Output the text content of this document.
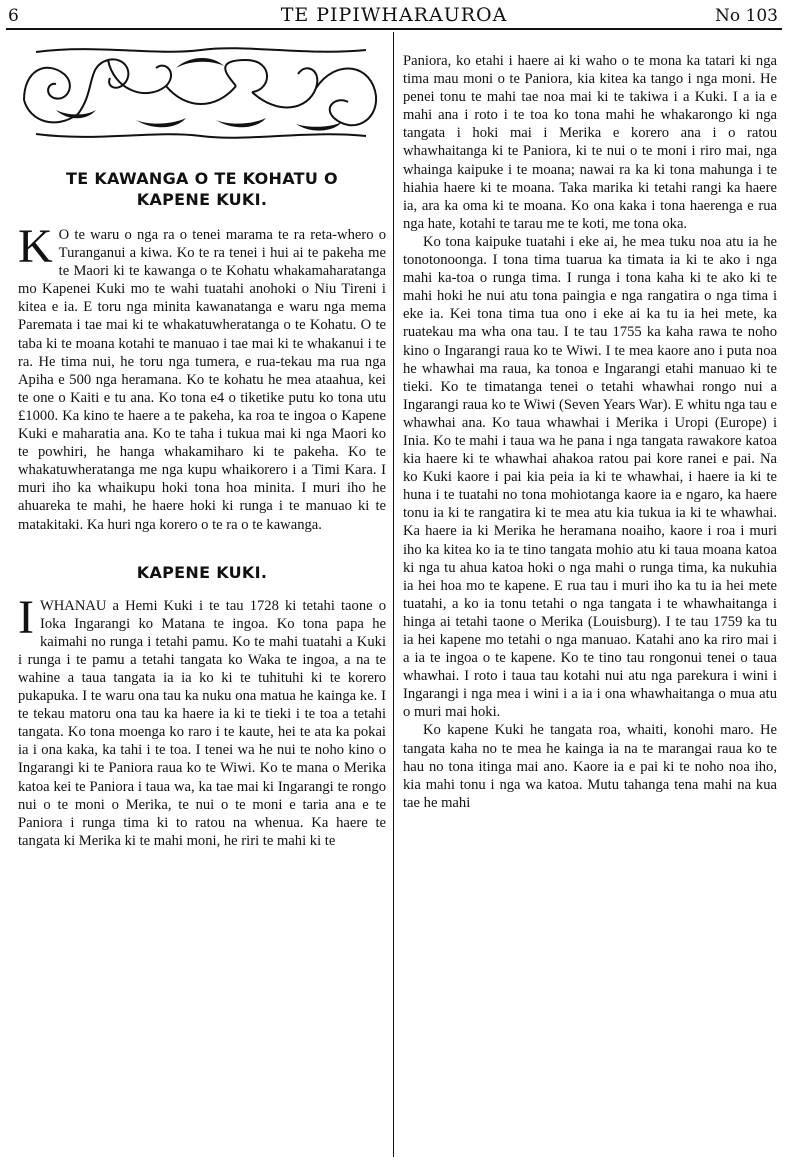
6	TE PIPIWHARAUROA	No 103
TE KAWANGA O TE KOHATU O KAPENE KUKI.

K O te waru o nga ra o tenei marama te ra reta-whero o Turanganui a kiwa. Ko te ra tenei i hui ai te pakeha me te Maori ki te kawanga o te Kohatu whakamaharatanga mo Kapenei Kuki mo te wahi tuatahi anohoki o Niu Tireni i kitea e ia. E toru nga minita kawanatanga e waru nga mema Paremata i tae mai ki te whakatuwheratanga o te Kohatu. O te taba ki te moana kotahi te manuao i tae mai ki te whakanui i te ra. He tima nui, he toru nga tumera, e rua-tekau ma rua nga Apiha e 500 nga heramana. Ko te kohatu he mea ataahua, kei te one o Kaiti e tu ana. Ko tona e4 o tiketike putu ko tona utu £1000. Ka kino te haere a te pakeha, ka roa te ingoa o Kapene Kuki e maharatia ana. Ko te taha i tukua mai ki nga Maori ko te powhiri, he hanga whakamiharo ki te pakeha. Ko te whakatuwheratanga me nga kupu whaikorero i a Timi Kara. I muri iho ka whaikupu hoki tona hoa minita. I muri iho he ahuareka te mahi, he haere hoki ki runga i te manuao ki te matakitaki. Ka huri nga korero o te ra o te kawanga.

KAPENE KUKI.

I WHANAU a Hemi Kuki i te tau 1728 ki tetahi taone o Ioka Ingarangi ko Matana te ingoa. Ko tona papa he kaimahi no runga i tetahi pamu. Ko te mahi tuatahi a Kuki i runga i te pamu a tetahi tangata ko Waka te ingoa, a na te wahine a taua tangata ia ia ko ki te tuhituhi ki te korero pukapuka. I te waru ona tau ka nuku ona matua he kainga ke. I te tekau matoru ona tau ka haere ia ki te tieki i te toa a tetahi tangata. Ko tona moenga ko raro i te kaute, hei te ata ka pokai ia i ona kaka, ka tahi i te toa. I tenei wa he nui te noho kino o Ingarangi ki te Paniora raua ko te Wiwi. Ko te mana o Merika katoa kei te Paniora i taua wa, ka tae mai ki Ingarangi te rongo nui o te moni o Merika, te nui o te moni e taria ana e te Paniora i runga tima ki to ratou na whenua. Ka haere te tangata ki Merika ki te mahi moni, he riri te mahi ki te

Paniora, ko etahi i haere ai ki waho o te mona ka tatari ki nga tima mau moni o te Paniora, kia kitea ka tango i nga moni. He penei tonu te mahi tae noa mai ki te takiwa i a Kuki. I a ia e mahi ana i roto i te toa ko tona mahi he whakarongo ki nga tangata i hoki mai i Merika e korero ana i o ratou whawhaitanga ki te Paniora, ki te nui o te moni i riro mai, nga whainga kaipuke i te moana; nawai ra ka ki tona mahunga i te hiahia haere ki te moana. Taka marika ki tetahi rangi ka haere ia, ara ka oma ki te moana. Ko ona kaka i tona haerenga e rua nga hate, kotahi te tarau me te koti, me tona oka.

Ko tona kaipuke tuatahi i eke ai, he mea tuku noa atu ia he tonotonoonga. I tona tima tuarua ka timata ia ki te ako i nga mahi ka-toa o runga tima. I runga i tona kaha ki te ako ki te mahi hoki he nui atu tona paingia e nga rangatira o nga tima i eke ia. Kei tona tima tua ono i eke ai ka tu ia hei mete, ka ruatekau ma wha ona tau. I te tau 1755 ka kaha rawa te noho kino o Ingarangi raua ko te Wiwi. I te mea kaore ano i puta noa he whawhai ma raua, ka tonoa e Ingarangi etahi manuao ki te tieki. Ko te timatanga tenei o tetahi whawhai rongo nui a Ingarangi raua ko te Wiwi (Seven Years War). E whitu nga tau e whawhai ana. Ko taua whawhai i Merika i Uropi (Europe) i Inia. Ko te mahi i taua wa he pana i nga tangata rawakore katoa kia haere ki te whawhai ahakoa ratou pai kore ranei e pai. Na ko Kuki kaore i pai kia peia ia ki te whawhai, i haere ia ki te huna i te tuatahi no tona mohiotanga kaore ia e ngaro, ka haere tonu ia ki te rangatira ki te mea atu kia tukua ia ki te whawhai. Ka haere ia ki Merika he heramana noaiho, kaore i roa i muri iho ka kitea ko ia te tino tangata mohio atu ki taua moana katoa ki nga tu ahua katoa hoki o nga mahi o runga tima, ka nukuhia ia hei hoa mo te kapene. E rua tau i muri iho ka tu ia hei mete tuatahi, a ko ia tonu tetahi o nga tangata i te whawhaitanga i hinga ai tetahi taone o Merika (Louisburg). I te tau 1759 ka tu ia hei kapene mo tetahi o nga manuao. Katahi ano ka riro mai i a ia te ingoa o te kapene. Ko te tino tau rongonui tenei o taua whawhai. I roto i taua tau kotahi nui atu nga parekura i wini i Ingarangi i nga mea i wini i a ia i ona whawhaitanga o mua atu o muri mai hoki.

Ko kapene Kuki he tangata roa, whaiti, konohi maro. He tangata kaha no te mea he kainga ia na te marangai raua ko te hau no tona itinga mai ano. Kaore ia e pai ki te noho noa iho, kia mahi tonu i nga wa katoa. Mutu tahanga tena mahi na kua tae he mahi
